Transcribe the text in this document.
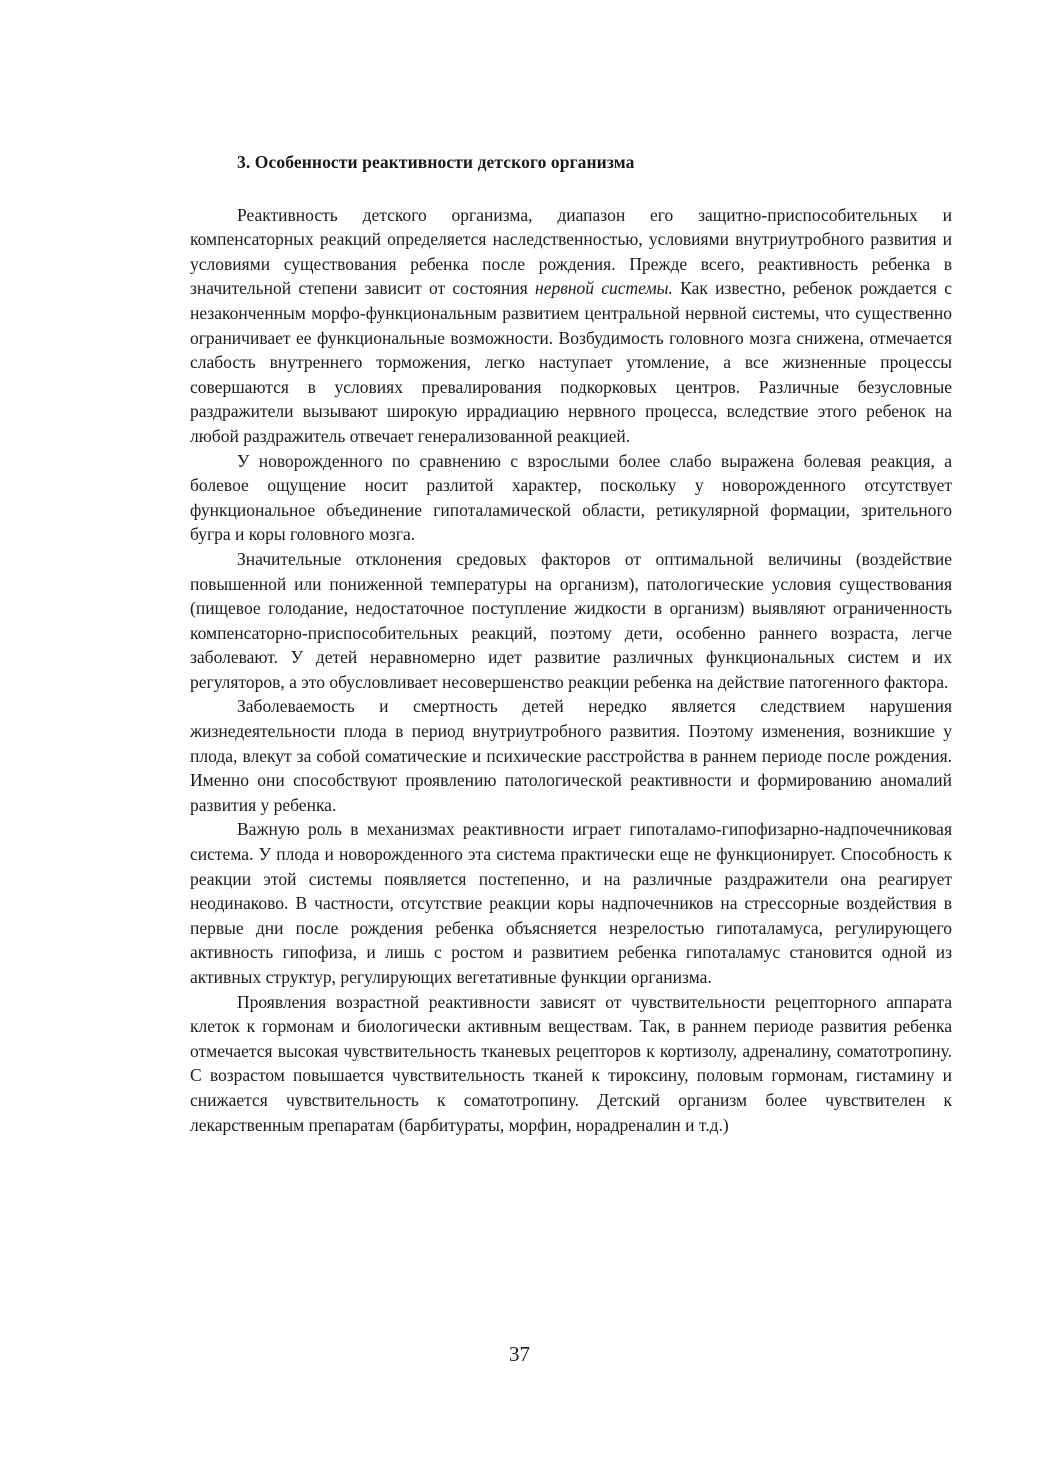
3. Особенности реактивности детского организма

Реактивность детского организма, диапазон его защитно-приспособительных и компенсаторных реакций определяется наследственностью, условиями внутриутробного развития и условиями существования ребенка после рождения. Прежде всего, реактивность ребенка в значительной степени зависит от состояния нервной системы. Как известно, ребенок рождается с незаконченным морфо-функциональным развитием центральной нервной системы, что существенно ограничивает ее функциональные возможности. Возбудимость головного мозга снижена, отмечается слабость внутреннего торможения, легко наступает утомление, а все жизненные процессы совершаются в условиях превалирования подкорковых центров. Различные безусловные раздражители вызывают широкую иррадиацию нервного процесса, вследствие этого ребенок на любой раздражитель отвечает генерализованной реакцией.

У новорожденного по сравнению с взрослыми более слабо выражена болевая реакция, а болевое ощущение носит разлитой характер, поскольку у новорожденного отсутствует функциональное объединение гипоталамической области, ретикулярной формации, зрительного бугра и коры головного мозга.

Значительные отклонения средовых факторов от оптимальной величины (воздействие повышенной или пониженной температуры на организм), патологические условия существования (пищевое голодание, недостаточное поступление жидкости в организм) выявляют ограниченность компенсаторно-приспособительных реакций, поэтому дети, особенно раннего возраста, легче заболевают. У детей неравномерно идет развитие различных функциональных систем и их регуляторов, а это обусловливает несовершенство реакции ребенка на действие патогенного фактора.

Заболеваемость и смертность детей нередко является следствием нарушения жизнедеятельности плода в период внутриутробного развития. Поэтому изменения, возникшие у плода, влекут за собой соматические и психические расстройства в раннем периоде после рождения. Именно они способствуют проявлению патологической реактивности и формированию аномалий развития у ребенка.

Важную роль в механизмах реактивности играет гипоталамо-гипофизарно-надпочечниковая система. У плода и новорожденного эта система практически еще не функционирует. Способность к реакции этой системы появляется постепенно, и на различные раздражители она реагирует неодинаково. В частности, отсутствие реакции коры надпочечников на стрессорные воздействия в первые дни после рождения ребенка объясняется незрелостью гипоталамуса, регулирующего активность гипофиза, и лишь с ростом и развитием ребенка гипоталамус становится одной из активных структур, регулирующих вегетативные функции организма.

Проявления возрастной реактивности зависят от чувствительности рецепторного аппарата клеток к гормонам и биологически активным веществам. Так, в раннем периоде развития ребенка отмечается высокая чувствительность тканевых рецепторов к кортизолу, адреналину, соматотропину. С возрастом повышается чувствительность тканей к тироксину, половым гормонам, гистамину и снижается чувствительность к соматотропину. Детский организм более чувствителен к лекарственным препаратам (барбитураты, морфин, норадреналин и т.д.)

37
